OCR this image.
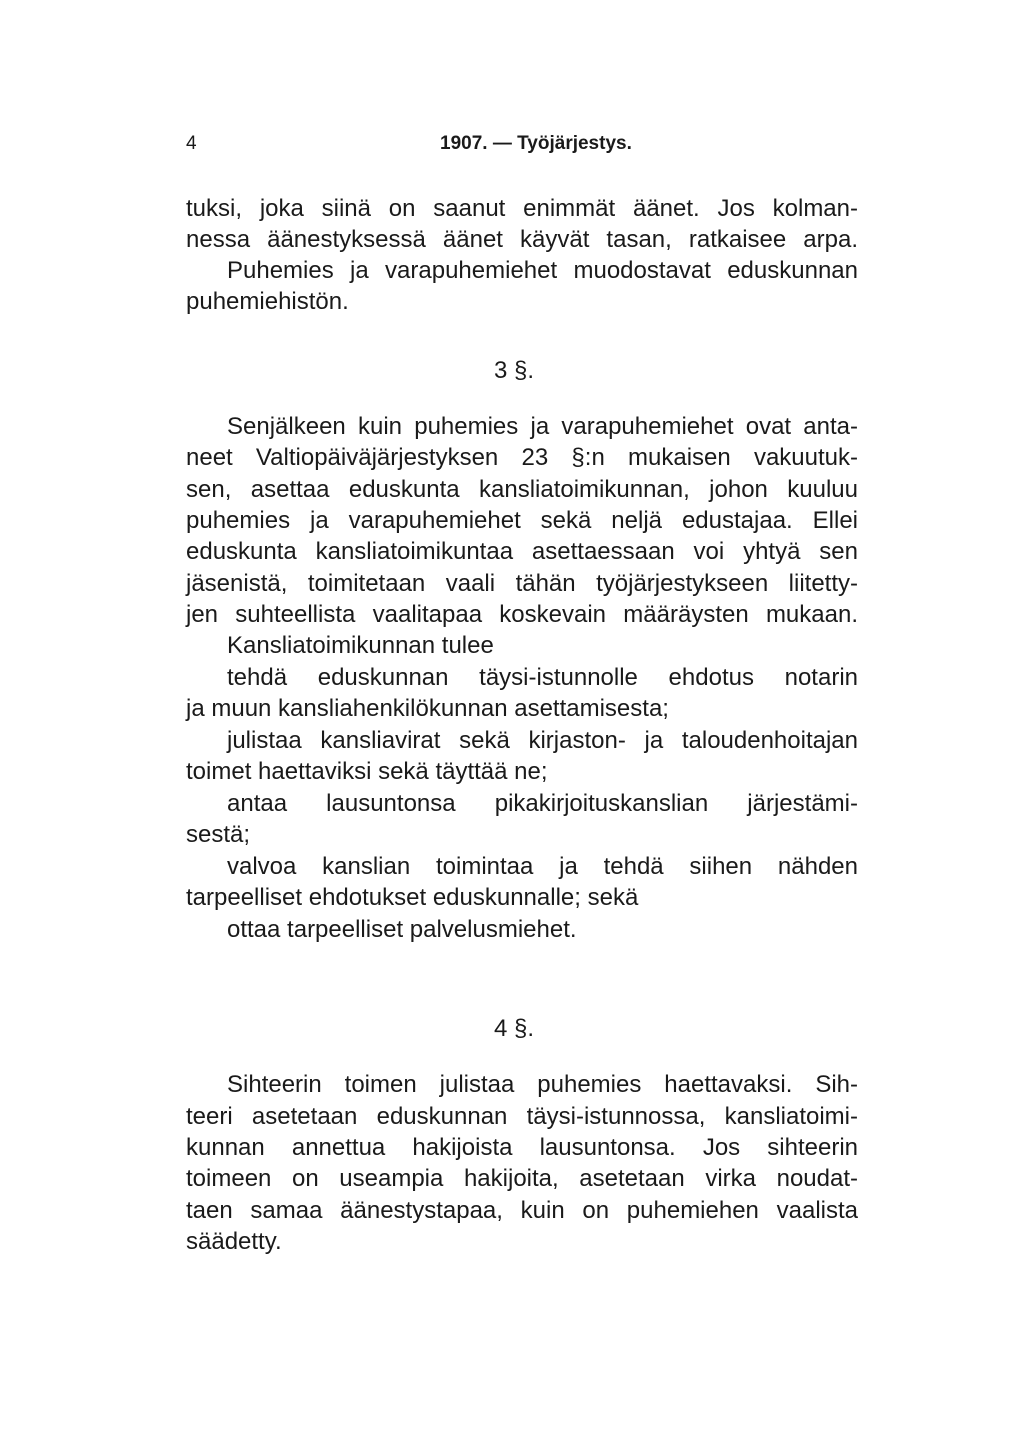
4	1907. — Työjärjestys.
tuksi, joka siinä on saanut enimmät äänet. Jos kolman-
nessa äänestyksessä äänet käyvät tasan, ratkaisee arpa.
Puhemies ja varapuhemiehet muodostavat eduskunnan
puhemiehistön.
3 §.
Senjälkeen kuin puhemies ja varapuhemiehet ovat anta-
neet Valtiopäiväjärjestyksen 23 §:n mukaisen vakuutuk-
sen, asettaa eduskunta kansliatoimikunnan, johon kuuluu
puhemies ja varapuhemiehet sekä neljä edustajaa. Ellei
eduskunta kansliatoimikuntaa asettaessaan voi yhtyä sen
jäsenistä, toimitetaan vaali tähän työjärjestykseen liitetty-
jen suhteellista vaalitapaa koskevain määräysten mukaan.
Kansliatoimikunnan tulee
tehdä eduskunnan täysi-istunnolle ehdotus notarin
ja muun kansliahenkilökunnan asettamisesta;
julistaa kansliavirat sekä kirjaston- ja taloudenhoitajan
toimet haettaviksi sekä täyttää ne;
antaa lausuntonsa pikakirjoituskanslian järjestämi-
sestä;
valvoa kanslian toimintaa ja tehdä siihen nähden
tarpeelliset ehdotukset eduskunnalle; sekä
ottaa tarpeelliset palvelusmiehet.
4 §.
Sihteerin toimen julistaa puhemies haettavaksi. Sih-
teeri asetetaan eduskunnan täysi-istunnossa, kansliatoimi-
kunnan annettua hakijoista lausuntonsa. Jos sihteerin
toimeen on useampia hakijoita, asetetaan virka noudat-
taen samaa äänestystapaa, kuin on puhemiehen vaalista
säädetty.
